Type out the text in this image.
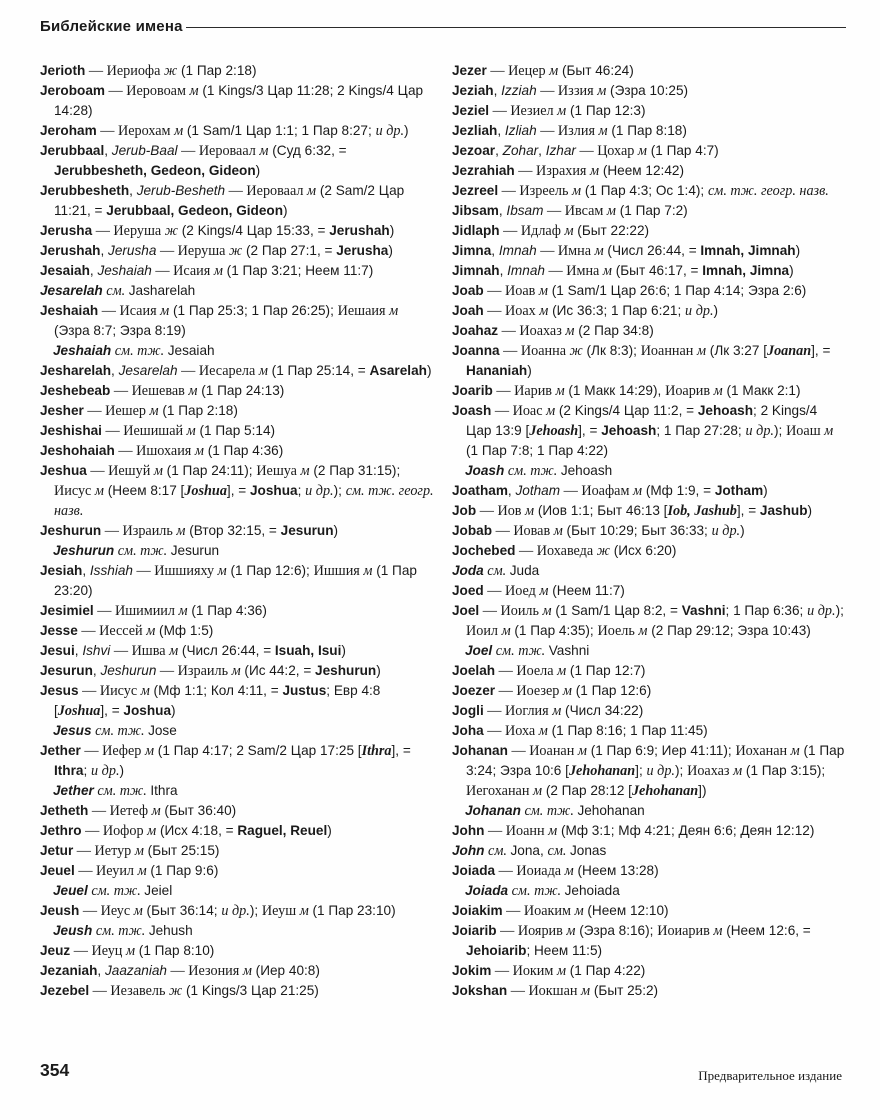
Библейские имена

Jerioth — Иериофа ж (1 Пар 2:18)

Jeroboam — Иеровоам м (1 Kings/3 Цар 11:28; 2 Kings/4 Цар 14:28)

Jeroham — Иерохам м (1 Sam/1 Цар 1:1; 1 Пар 8:27; и др.)

Jerubbaal, Jerub-Baal — Иероваал м (Суд 6:32, = Jerubbesheth, Gedeon, Gideon)

Jerubbesheth, Jerub-Besheth — Иероваал м (2 Sam/2 Цар 11:21, = Jerubbaal, Gedeon, Gideon)

Jerusha — Иеруша ж (2 Kings/4 Цар 15:33, = Jerushah)

Jerushah, Jerusha — Иеруша ж (2 Пар 27:1, = Jerusha)

Jesaiah, Jeshaiah — Исаия м (1 Пар 3:21; Неем 11:7)

Jesarelah см. Jasharelah

Jeshaiah — Исаия м (1 Пар 25:3; 1 Пар 26:25); Иешаия м (Эзра 8:7; Эзра 8:19)

Jeshaiah см. тж. Jesaiah

Jesharelah, Jesarelah — Иесарела м (1 Пар 25:14, = Asarelah)

Jeshebeab — Иешевав м (1 Пар 24:13)

Jesher — Иешер м (1 Пар 2:18)

Jeshishai — Иешишай м (1 Пар 5:14)

Jeshohaiah — Ишохаия м (1 Пар 4:36)

Jeshua — Иешуй м (1 Пар 24:11); Иешуа м (2 Пар 31:15); Иисус м (Неем 8:17 [Joshua], = Joshua; и др.); см. тж. геогр. назв.

Jeshurun — Израиль м (Втор 32:15, = Jesurun)

Jeshurun см. тж. Jesurun

Jesiah, Isshiah — Ишшияху м (1 Пар 12:6); Ишшия м (1 Пар 23:20)

Jesimiel — Ишимиил м (1 Пар 4:36)

Jesse — Иессей м (Мф 1:5)

Jesui, Ishvi — Ишва м (Числ 26:44, = Isuah, Isui)

Jesurun, Jeshurun — Израиль м (Ис 44:2, = Jeshurun)

Jesus — Иисус м (Мф 1:1; Кол 4:11, = Justus; Евр 4:8 [Joshua], = Joshua)

Jesus см. тж. Jose

Jether — Иефер м (1 Пар 4:17; 2 Sam/2 Цар 17:25 [Ithra], = Ithra; и др.)

Jether см. тж. Ithra

Jetheth — Иетеф м (Быт 36:40)

Jethro — Иофор м (Исх 4:18, = Raguel, Reuel)

Jetur — Иетур м (Быт 25:15)

Jeuel — Иеуил м (1 Пар 9:6)

Jeuel см. тж. Jeiel

Jeush — Иеус м (Быт 36:14; и др.); Иеуш м (1 Пар 23:10)

Jeush см. тж. Jehush

Jeuz — Иеуц м (1 Пар 8:10)

Jezaniah, Jaazaniah — Иезония м (Иер 40:8)

Jezebel — Иезавель ж (1 Kings/3 Цар 21:25)

Jezer — Иецер м (Быт 46:24)

Jeziah, Izziah — Иззия м (Эзра 10:25)

Jeziel — Иезиел м (1 Пар 12:3)

Jezliah, Izliah — Излия м (1 Пар 8:18)

Jezoar, Zohar, Izhar — Цохар м (1 Пар 4:7)

Jezrahiah — Израхия м (Неем 12:42)

Jezreel — Изреель м (1 Пар 4:3; Ос 1:4); см. тж. геогр. назв.

Jibsam, Ibsam — Ивсам м (1 Пар 7:2)

Jidlaph — Идлаф м (Быт 22:22)

Jimna, Imnah — Имна м (Числ 26:44, = Imnah, Jimnah)

Jimnah, Imnah — Имна м (Быт 46:17, = Imnah, Jimna)

Joab — Иоав м (1 Sam/1 Цар 26:6; 1 Пар 4:14; Эзра 2:6)

Joah — Иоах м (Ис 36:3; 1 Пар 6:21; и др.)

Joahaz — Иоахаз м (2 Пар 34:8)

Joanna — Иоанна ж (Лк 8:3); Иоаннан м (Лк 3:27 [Joanan], = Hananiah)

Joarib — Иарив м (1 Макк 14:29), Иоарив м (1 Макк 2:1)

Joash — Иоас м (2 Kings/4 Цар 11:2, = Jehoash; 2 Kings/4 Цар 13:9 [Jehoash], = Jehoash; 1 Пар 27:28; и др.); Иоаш м (1 Пар 7:8; 1 Пар 4:22)

Joash см. тж. Jehoash

Joatham, Jotham — Иоафам м (Мф 1:9, = Jotham)

Job — Иов м (Иов 1:1; Быт 46:13 [Iob, Jashub], = Jashub)

Jobab — Иовав м (Быт 10:29; Быт 36:33; и др.)

Jochebed — Иохаведа ж (Исх 6:20)

Joda см. Juda

Joed — Иоед м (Неем 11:7)

Joel — Иоиль м (1 Sam/1 Цар 8:2, = Vashni; 1 Пар 6:36; и др.); Иоил м (1 Пар 4:35); Иоель м (2 Пар 29:12; Эзра 10:43)

Joel см. тж. Vashni

Joelah — Иоела м (1 Пар 12:7)

Joezer — Иоезер м (1 Пар 12:6)

Jogli — Иоглия м (Числ 34:22)

Joha — Иоха м (1 Пар 8:16; 1 Пар 11:45)

Johanan — Иоанан м (1 Пар 6:9; Иер 41:11); Иоханан м (1 Пар 3:24; Эзра 10:6 [Jehohanan]; и др.); Иоахаз м (1 Пар 3:15); Иегоханан м (2 Пар 28:12 [Jehohanan])

Johanan см. тж. Jehohanan

John — Иоанн м (Мф 3:1; Мф 4:21; Деян 6:6; Деян 12:12)

John см. Jona, см. Jonas

Joiada — Иоиада м (Неем 13:28)

Joiada см. тж. Jehoiada

Joiakim — Иоаким м (Неем 12:10)

Joiarib — Иоярив м (Эзра 8:16); Иоиарив м (Неем 12:6, = Jehoiarib; Неем 11:5)

Jokim — Иоким м (1 Пар 4:22)

Jokshan — Иокшан м (Быт 25:2)

354	Предварительное издание
